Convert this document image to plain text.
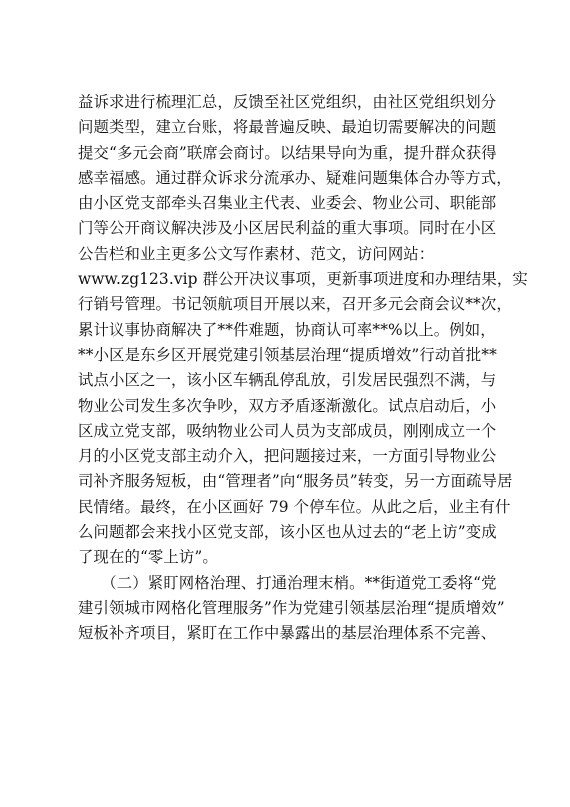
益诉求进行梳理汇总，反馈至社区党组织，由社区党组织划分
问题类型，建立台账，将最普遍反映、最迫切需要解决的问题
提交“多元会商”联席会商讨。以结果导向为重，提升群众获得
感幸福感。通过群众诉求分流承办、疑难问题集体合办等方式，
由小区党支部牵头召集业主代表、业委会、物业公司、职能部
门等公开商议解决涉及小区居民利益的重大事项。同时在小区
公告栏和业主更多公文写作素材、范文，访问网站：
www.zg123.vip 群公开决议事项，更新事项进度和办理结果，实
行销号管理。书记领航项目开展以来，召开多元会商会议**次，
累计议事协商解决了**件难题，协商认可率**%以上。例如，
**小区是东乡区开展党建引领基层治理“提质增效”行动首批**
试点小区之一，该小区车辆乱停乱放，引发居民强烈不满，与
物业公司发生多次争吵，双方矛盾逐渐激化。试点启动后，小
区成立党支部，吸纳物业公司人员为支部成员，刚刚成立一个
月的小区党支部主动介入，把问题接过来，一方面引导物业公
司补齐服务短板，由“管理者”向“服务员”转变，另一方面疏导居
民情绪。最终，在小区画好 79 个停车位。从此之后，业主有什
么问题都会来找小区党支部，该小区也从过去的“老上访”变成
了现在的“零上访”。
　　（二）紧盯网格治理、打通治理末梢。**街道党工委将“党
建引领城市网格化管理服务”作为党建引领基层治理“提质增效”
短板补齐项目，紧盯在工作中暴露出的基层治理体系不完善、
